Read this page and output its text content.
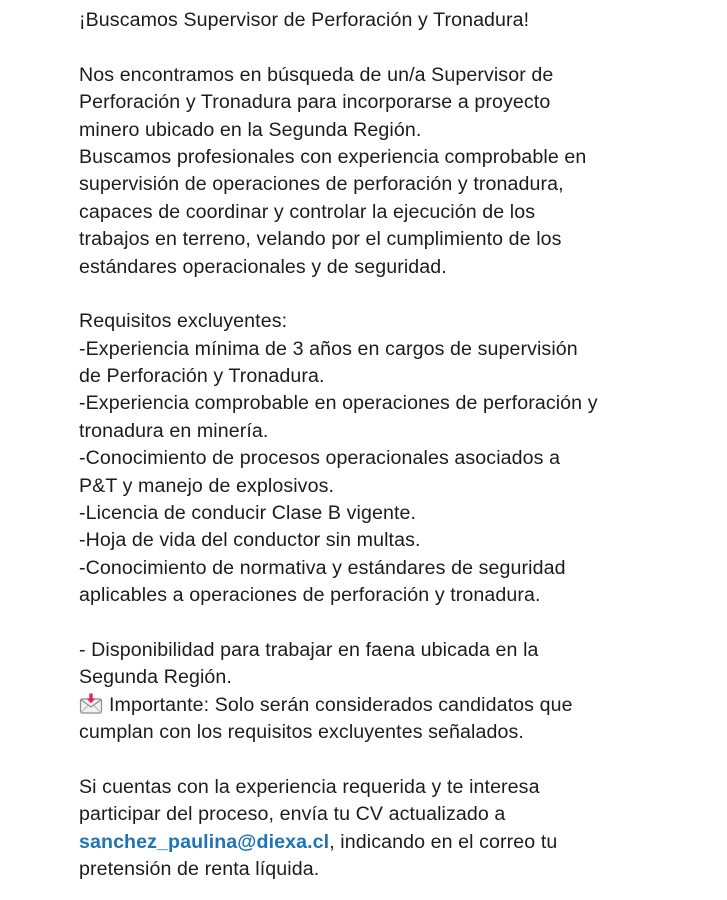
¡Buscamos Supervisor de Perforación y Tronadura!
Nos encontramos en búsqueda de un/a Supervisor de
Perforación y Tronadura para incorporarse a proyecto
minero ubicado en la Segunda Región.
Buscamos profesionales con experiencia comprobable en
supervisión de operaciones de perforación y tronadura,
capaces de coordinar y controlar la ejecución de los
trabajos en terreno, velando por el cumplimiento de los
estándares operacionales y de seguridad.
Requisitos excluyentes:
-Experiencia mínima de 3 años en cargos de supervisión
de Perforación y Tronadura.
-Experiencia comprobable en operaciones de perforación y
tronadura en minería.
-Conocimiento de procesos operacionales asociados a
P&T y manejo de explosivos.
-Licencia de conducir Clase B vigente.
-Hoja de vida del conductor sin multas.
-Conocimiento de normativa y estándares de seguridad
aplicables a operaciones de perforación y tronadura.
- Disponibilidad para trabajar en faena ubicada en la
Segunda Región.
Importante: Solo serán considerados candidatos que
cumplan con los requisitos excluyentes señalados.
Si cuentas con la experiencia requerida y te interesa
participar del proceso, envía tu CV actualizado a
sanchez_paulina@diexa.cl, indicando en el correo tu
pretensión de renta líquida.
